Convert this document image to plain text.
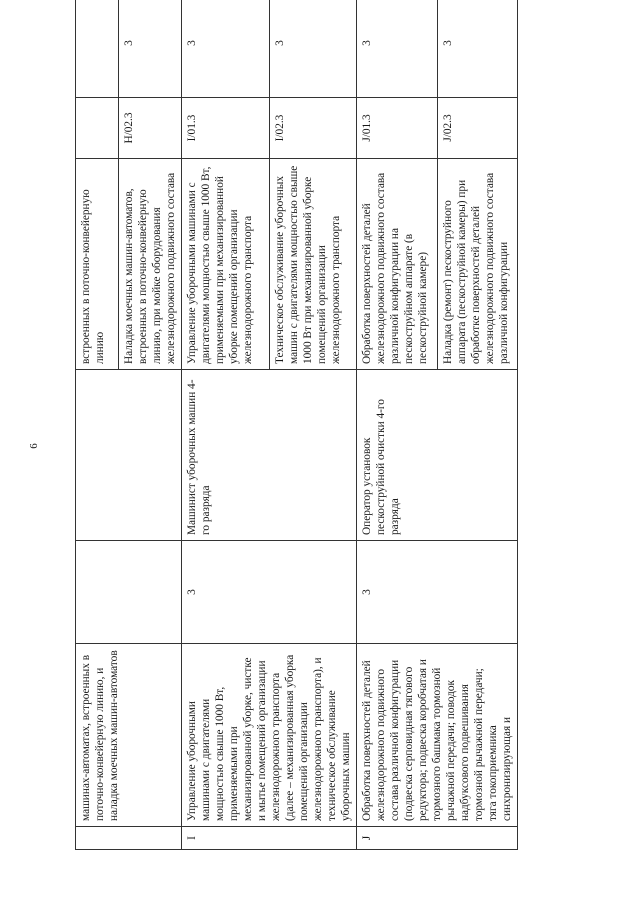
6
	машинах-автоматах, встроенных в поточно-конвейерную линию, и наладка моечных машин-автоматов			встроенных в поточно-конвейерную линию		
				Наладка моечных машин-автоматов, встроенных в поточно-конвейерную линию, при мойке оборудования железнодорожного подвижного состава	H/02.3	3
I	Управление уборочными машинами с двигателями мощностью свыше 1000 Вт, применяемыми при механизированной уборке, чистке и мытье помещений организации железнодорожного транспорта (далее – механизированная уборка помещений организации железнодорожного транспорта), и техническое обслуживание уборочных машин	3	Машинист уборочных машин 4-го разряда	Управление уборочными машинами с двигателями мощностью свыше 1000 Вт, применяемыми при механизированной уборке помещений организации железнодорожного транспорта	I/01.3	3
				Техническое обслуживание уборочных машин с двигателями мощностью свыше 1000 Вт при механизированной уборке помещений организации железнодорожного транспорта	I/02.3	3
J	Обработка поверхностей деталей железнодорожного подвижного состава различной конфигурации (подвеска серповидная тягового редуктора; подвеска коробчатая и тормозного башмака тормозной рычажной передачи; поводок надбуксового подвешивания тормозной рычажной передачи; тяга токоприемника синхронизирующая и	3	Оператор установок пескоструйной очистки 4-го разряда	Обработка поверхностей деталей железнодорожного подвижного состава различной конфигурации на пескоструйном аппарате (в пескоструйной камере)	J/01.3	3
				Наладка (ремонт) пескоструйного аппарата (пескоструйной камеры) при обработке поверхностей деталей железнодорожного подвижного состава различной конфигурации	J/02.3	3
